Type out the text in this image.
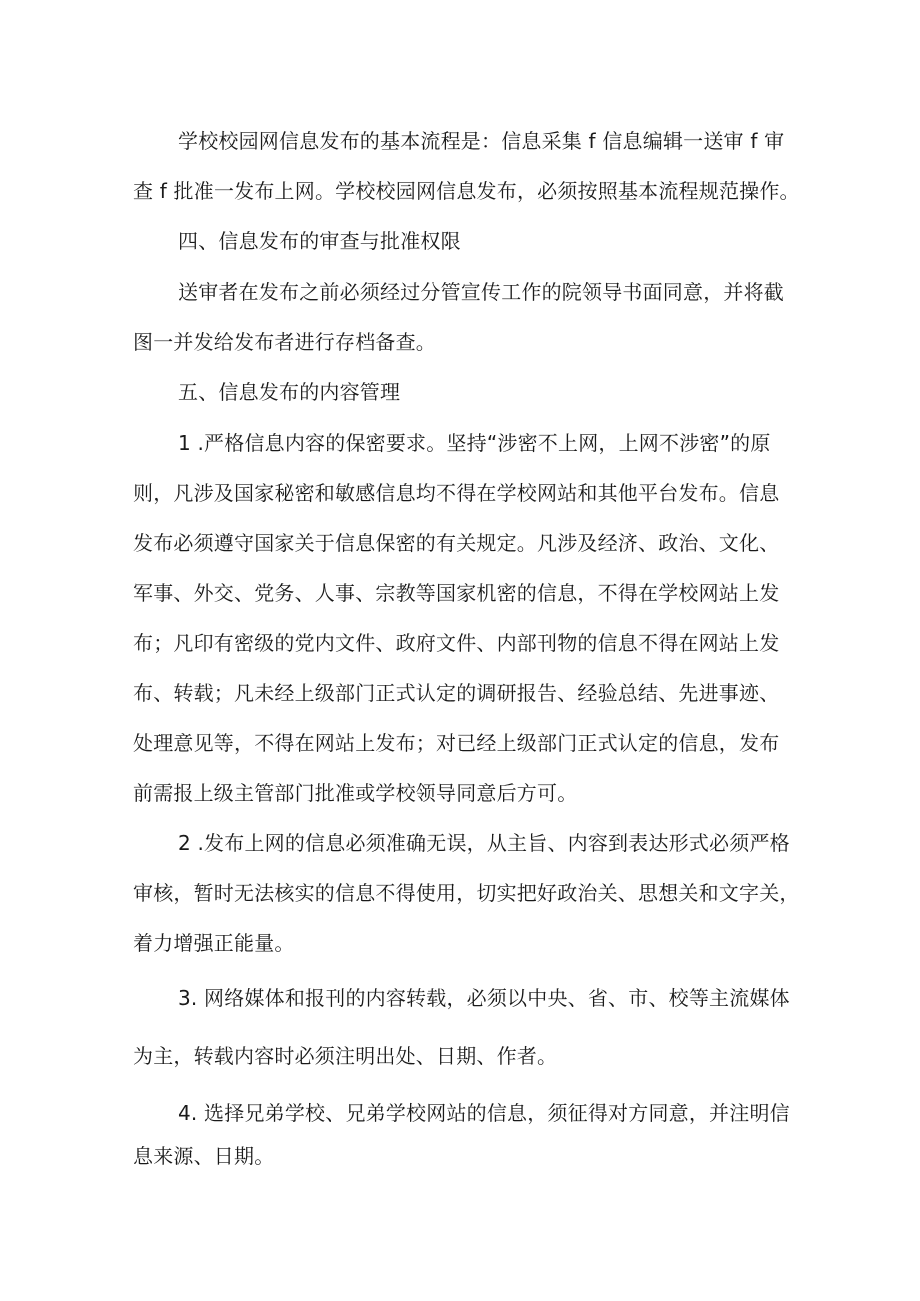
学校校园网信息发布的基本流程是：信息采集 f 信息编辑一送审 f 审

查 f 批准一发布上网。学校校园网信息发布，必须按照基本流程规范操作。

四、信息发布的审查与批准权限

送审者在发布之前必须经过分管宣传工作的院领导书面同意，并将截

图一并发给发布者进行存档备查。

五、信息发布的内容管理

1 .严格信息内容的保密要求。坚持“涉密不上网，上网不涉密”的原

则，凡涉及国家秘密和敏感信息均不得在学校网站和其他平台发布。信息

发布必须遵守国家关于信息保密的有关规定。凡涉及经济、政治、文化、

军事、外交、党务、人事、宗教等国家机密的信息，不得在学校网站上发

布；凡印有密级的党内文件、政府文件、内部刊物的信息不得在网站上发

布、转载；凡未经上级部门正式认定的调研报告、经验总结、先进事迹、

处理意见等，不得在网站上发布；对已经上级部门正式认定的信息，发布

前需报上级主管部门批准或学校领导同意后方可。

2 .发布上网的信息必须准确无误，从主旨、内容到表达形式必须严格

审核，暂时无法核实的信息不得使用，切实把好政治关、思想关和文字关，

着力增强正能量。

3. 网络媒体和报刊的内容转载，必须以中央、省、市、校等主流媒体

为主，转载内容时必须注明出处、日期、作者。

4. 选择兄弟学校、兄弟学校网站的信息，须征得对方同意，并注明信

息来源、日期。
